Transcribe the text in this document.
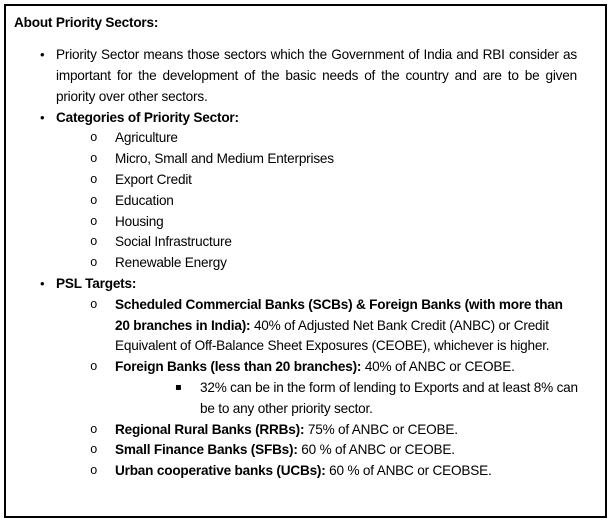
About Priority Sectors:
• Priority Sector means those sectors which the Government of India and RBI consider as important for the development of the basic needs of the country and are to be given priority over other sectors.
• Categories of Priority Sector:
o	Agriculture
o	Micro, Small and Medium Enterprises
o	Export Credit
o	Education
o	Housing
o	Social Infrastructure
o	Renewable Energy
• PSL Targets:
o	Scheduled Commercial Banks (SCBs) & Foreign Banks (with more than 20 branches in India): 40% of Adjusted Net Bank Credit (ANBC) or Credit Equivalent of Off-Balance Sheet Exposures (CEOBE), whichever is higher.
o	Foreign Banks (less than 20 branches): 40% of ANBC or CEOBE.
▪	32% can be in the form of lending to Exports and at least 8% can be to any other priority sector.
o	Regional Rural Banks (RRBs): 75% of ANBC or CEOBE.
o	Small Finance Banks (SFBs): 60 % of ANBC or CEOBE.
o	Urban cooperative banks (UCBs): 60 % of ANBC or CEOBSE.
